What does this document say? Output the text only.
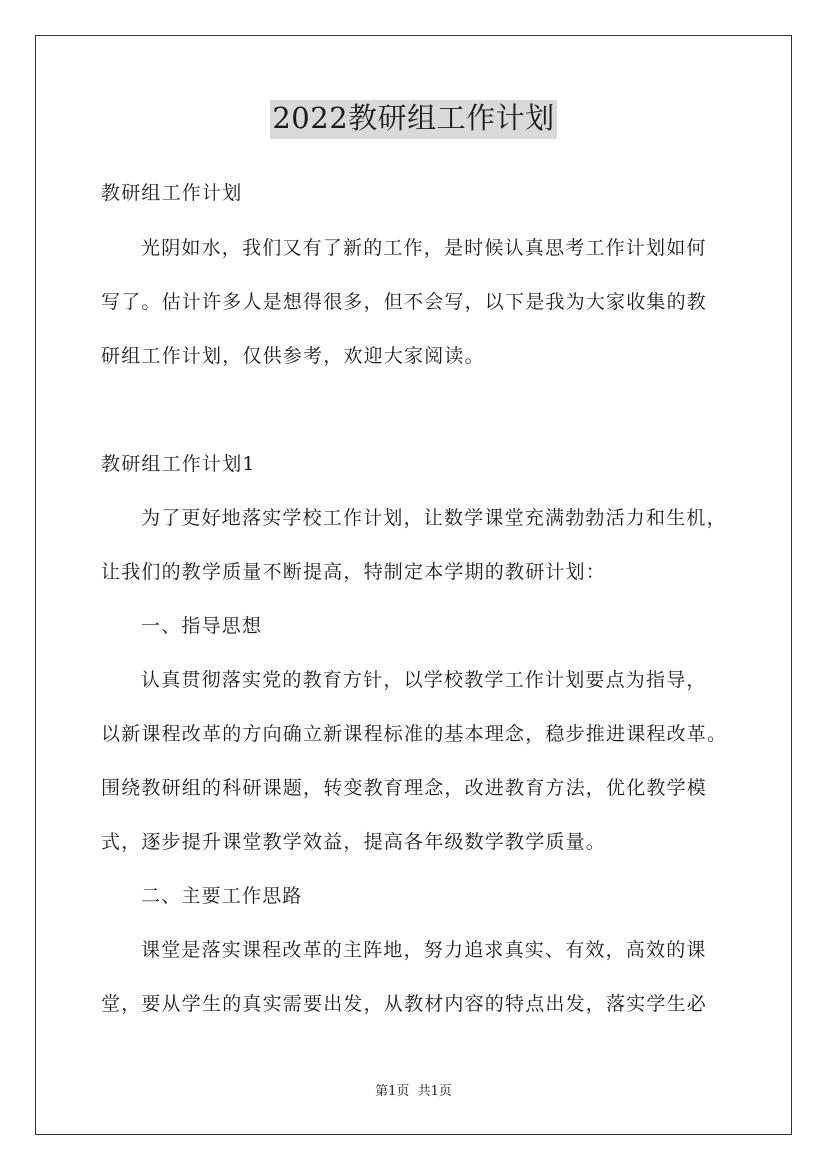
2022教研组工作计划
教研组工作计划
光阴如水，我们又有了新的工作，是时候认真思考工作计划如何
写了。估计许多人是想得很多，但不会写，以下是我为大家收集的教
研组工作计划，仅供参考，欢迎大家阅读。
教研组工作计划1
为了更好地落实学校工作计划，让数学课堂充满勃勃活力和生机，
让我们的教学质量不断提高，特制定本学期的教研计划：
一、指导思想
认真贯彻落实党的教育方针，以学校教学工作计划要点为指导，
以新课程改革的方向确立新课程标准的基本理念，稳步推进课程改革。
围绕教研组的科研课题，转变教育理念，改进教育方法，优化教学模
式，逐步提升课堂教学效益，提高各年级数学教学质量。
二、主要工作思路
课堂是落实课程改革的主阵地，努力追求真实、有效，高效的课
堂，要从学生的真实需要出发，从教材内容的特点出发，落实学生必
第1页 共1页
